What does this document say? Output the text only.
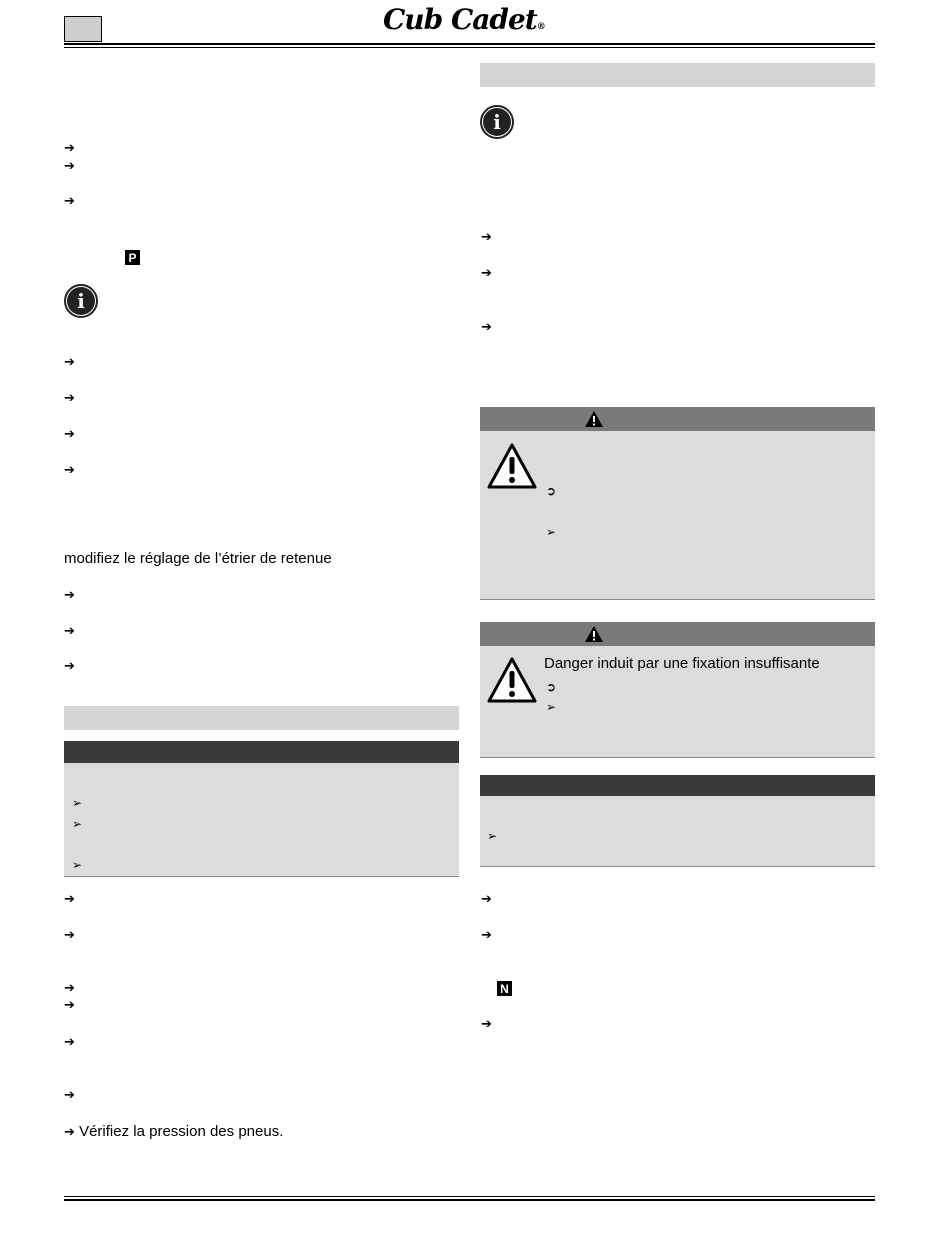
Cub Cadet®
➔
➔
➔
P
i
➔
➔
➔
➔
modifiez le réglage de l’étrier de retenue
➔
➔
➔
➢
➢
➢
➔
➔
➔
➔
➔
➔
➔ Vérifiez la pression des pneus.
i
➔
➔
➔
➲
➢
Danger induit par une fixation insuffisante
➲
➢
➢
➔
➔
N
➔
